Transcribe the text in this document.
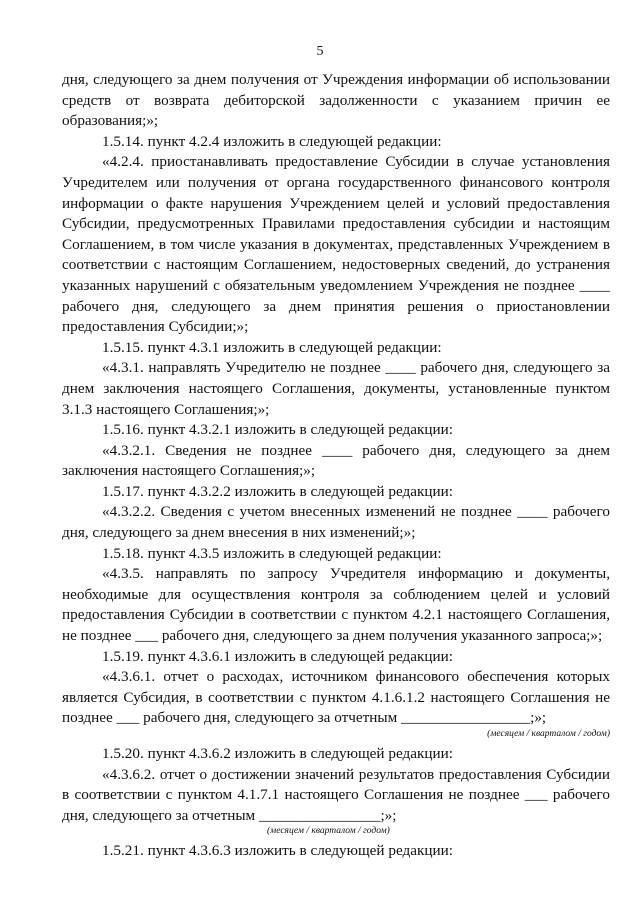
5

дня, следующего за днем получения от Учреждения информации об использовании средств от возврата дебиторской задолженности с указанием причин ее образования;»;

1.5.14. пункт 4.2.4 изложить в следующей редакции:

«4.2.4. приостанавливать предоставление Субсидии в случае установления Учредителем или получения от органа государственного финансового контроля информации о факте нарушения Учреждением целей и условий предоставления Субсидии, предусмотренных Правилами предоставления субсидии и настоящим Соглашением, в том числе указания в документах, представленных Учреждением в соответствии с настоящим Соглашением, недостоверных сведений, до устранения указанных нарушений с обязательным уведомлением Учреждения не позднее ____ рабочего дня, следующего за днем принятия решения о приостановлении предоставления Субсидии;»;

1.5.15. пункт 4.3.1 изложить в следующей редакции:

«4.3.1. направлять Учредителю не позднее ____ рабочего дня, следующего за днем заключения настоящего Соглашения, документы, установленные пунктом 3.1.3 настоящего Соглашения;»;

1.5.16. пункт 4.3.2.1 изложить в следующей редакции:

«4.3.2.1. Сведения не позднее ____ рабочего дня, следующего за днем заключения настоящего Соглашения;»;

1.5.17. пункт 4.3.2.2 изложить в следующей редакции:

«4.3.2.2. Сведения с учетом внесенных изменений не позднее ____ рабочего дня, следующего за днем внесения в них изменений;»;

1.5.18. пункт 4.3.5 изложить в следующей редакции:

«4.3.5. направлять по запросу Учредителя информацию и документы, необходимые для осуществления контроля за соблюдением целей и условий предоставления Субсидии в соответствии с пунктом 4.2.1 настоящего Соглашения, не позднее ___ рабочего дня, следующего за днем получения указанного запроса;»;

1.5.19. пункт 4.3.6.1 изложить в следующей редакции:

«4.3.6.1. отчет о расходах, источником финансового обеспечения которых является Субсидия, в соответствии с пунктом 4.1.6.1.2 настоящего Соглашения не позднее ___ рабочего дня, следующего за отчетным _________________;»;

(месяцем / кварталом / годом)

1.5.20. пункт 4.3.6.2 изложить в следующей редакции:

«4.3.6.2. отчет о достижении значений результатов предоставления Субсидии в соответствии с пунктом 4.1.7.1 настоящего Соглашения не позднее ___ рабочего дня, следующего за отчетным ________________;»;

(месяцем / кварталом / годом)

1.5.21. пункт 4.3.6.3 изложить в следующей редакции:
